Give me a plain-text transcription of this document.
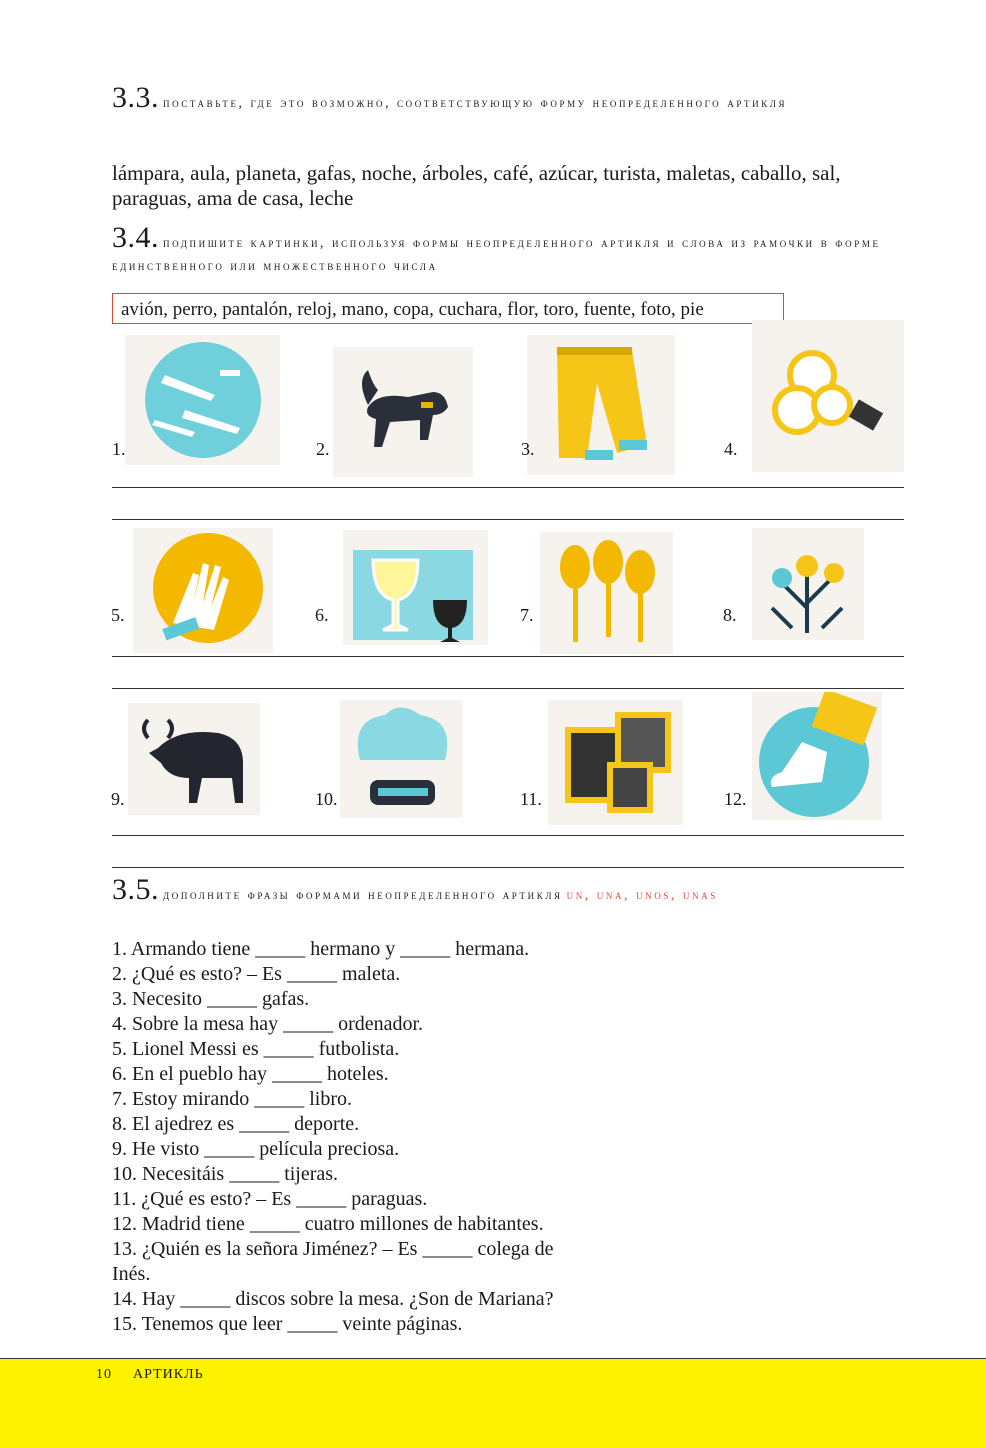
3.3. поставьте, где это возможно, соответствующую форму неопределенного артикля
lámpara, aula, planeta, gafas, noche, árboles, café, azúcar, turista, maletas, caballo, sal, paraguas, ama de casa, leche
3.4. подпишите картинки, используя формы неопределенного артикля и слова из рамочки в форме единственного или множественного числа
avión, perro, pantalón, reloj, mano, copa, cuchara, flor, toro, fuente, foto, pie
1.	2.	3.	4.
5.	6.	7.	8.
9.	10.	11.	12.
3.5. дополните фразы формами неопределенного артикля un, una, unos, unas
1. Armando tiene _____ hermano y _____ hermana.
2. ¿Qué es esto? – Es _____ maleta.
3. Necesito _____ gafas.
4. Sobre la mesa hay _____ ordenador.
5. Lionel Messi es _____ futbolista.
6. En el pueblo hay _____ hoteles.
7. Estoy mirando _____ libro.
8. El ajedrez es _____ deporte.
9. He visto _____ película preciosa.
10. Necesitáis _____ tijeras.
11. ¿Qué es esto? – Es _____ paraguas.
12. Madrid tiene _____ cuatro millones de habitantes.
13. ¿Quién es la señora Jiménez? – Es _____ colega de
Inés.
14. Hay _____ discos sobre la mesa. ¿Son de Mariana?
15. Tenemos que leer _____ veinte páginas.
10 АРТИКЛЬ
